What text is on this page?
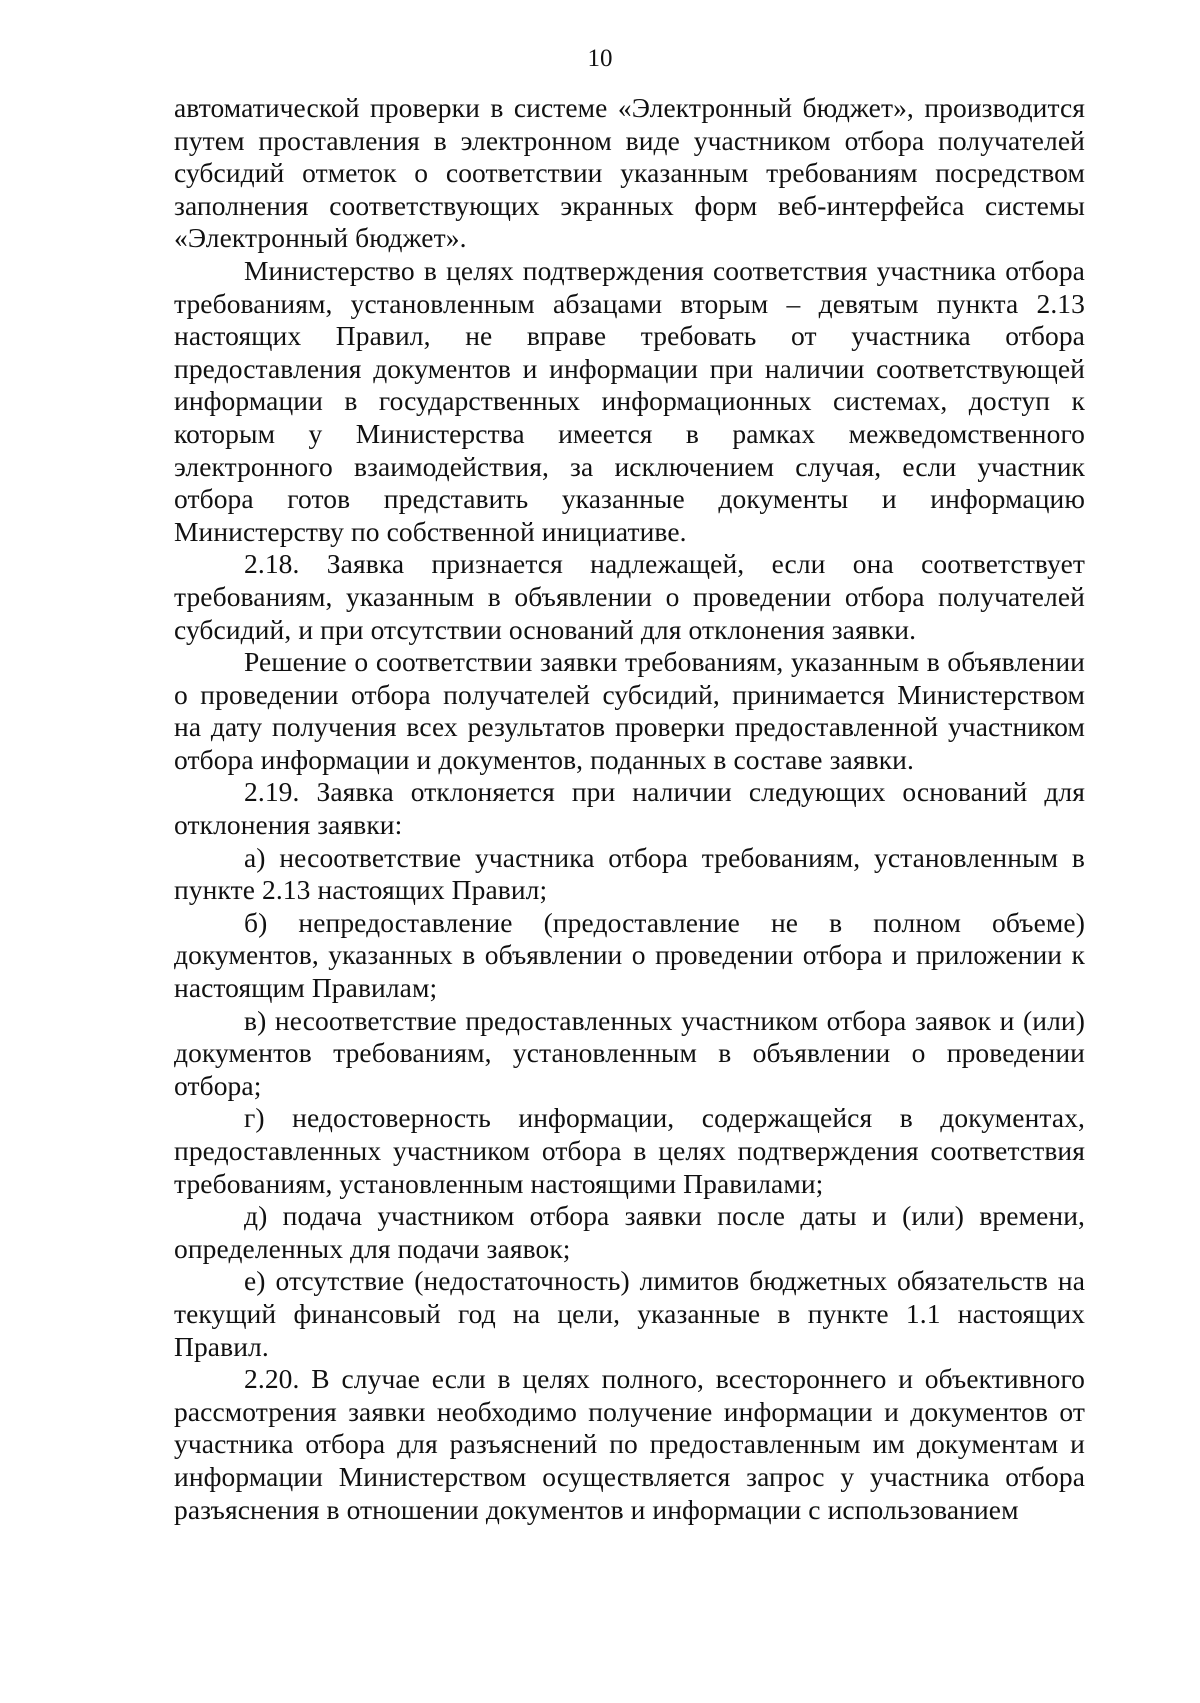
10

автоматической проверки в системе «Электронный бюджет», производится путем проставления в электронном виде участником отбора получателей субсидий отметок о соответствии указанным требованиям посредством заполнения соответствующих экранных форм веб-интерфейса системы «Электронный бюджет».

Министерство в целях подтверждения соответствия участника отбора требованиям, установленным абзацами вторым – девятым пункта 2.13 настоящих Правил, не вправе требовать от участника отбора предоставления документов и информации при наличии соответствующей информации в государственных информационных системах, доступ к которым у Министерства имеется в рамках межведомственного электронного взаимодействия, за исключением случая, если участник отбора готов представить указанные документы и информацию Министерству по собственной инициативе.

2.18. Заявка признается надлежащей, если она соответствует требованиям, указанным в объявлении о проведении отбора получателей субсидий, и при отсутствии оснований для отклонения заявки.

Решение о соответствии заявки требованиям, указанным в объявлении о проведении отбора получателей субсидий, принимается Министерством на дату получения всех результатов проверки предоставленной участником отбора информации и документов, поданных в составе заявки.

2.19. Заявка отклоняется при наличии следующих оснований для отклонения заявки:

а) несоответствие участника отбора требованиям, установленным в пункте 2.13 настоящих Правил;

б) непредоставление (предоставление не в полном объеме) документов, указанных в объявлении о проведении отбора и приложении к настоящим Правилам;

в) несоответствие предоставленных участником отбора заявок и (или) документов требованиям, установленным в объявлении о проведении отбора;

г) недостоверность информации, содержащейся в документах, предоставленных участником отбора в целях подтверждения соответствия требованиям, установленным настоящими Правилами;

д) подача участником отбора заявки после даты и (или) времени, определенных для подачи заявок;

е) отсутствие (недостаточность) лимитов бюджетных обязательств на текущий финансовый год на цели, указанные в пункте 1.1 настоящих Правил.

2.20. В случае если в целях полного, всестороннего и объективного рассмотрения заявки необходимо получение информации и документов от участника отбора для разъяснений по предоставленным им документам и информации Министерством осуществляется запрос у участника отбора разъяснения в отношении документов и информации с использованием
